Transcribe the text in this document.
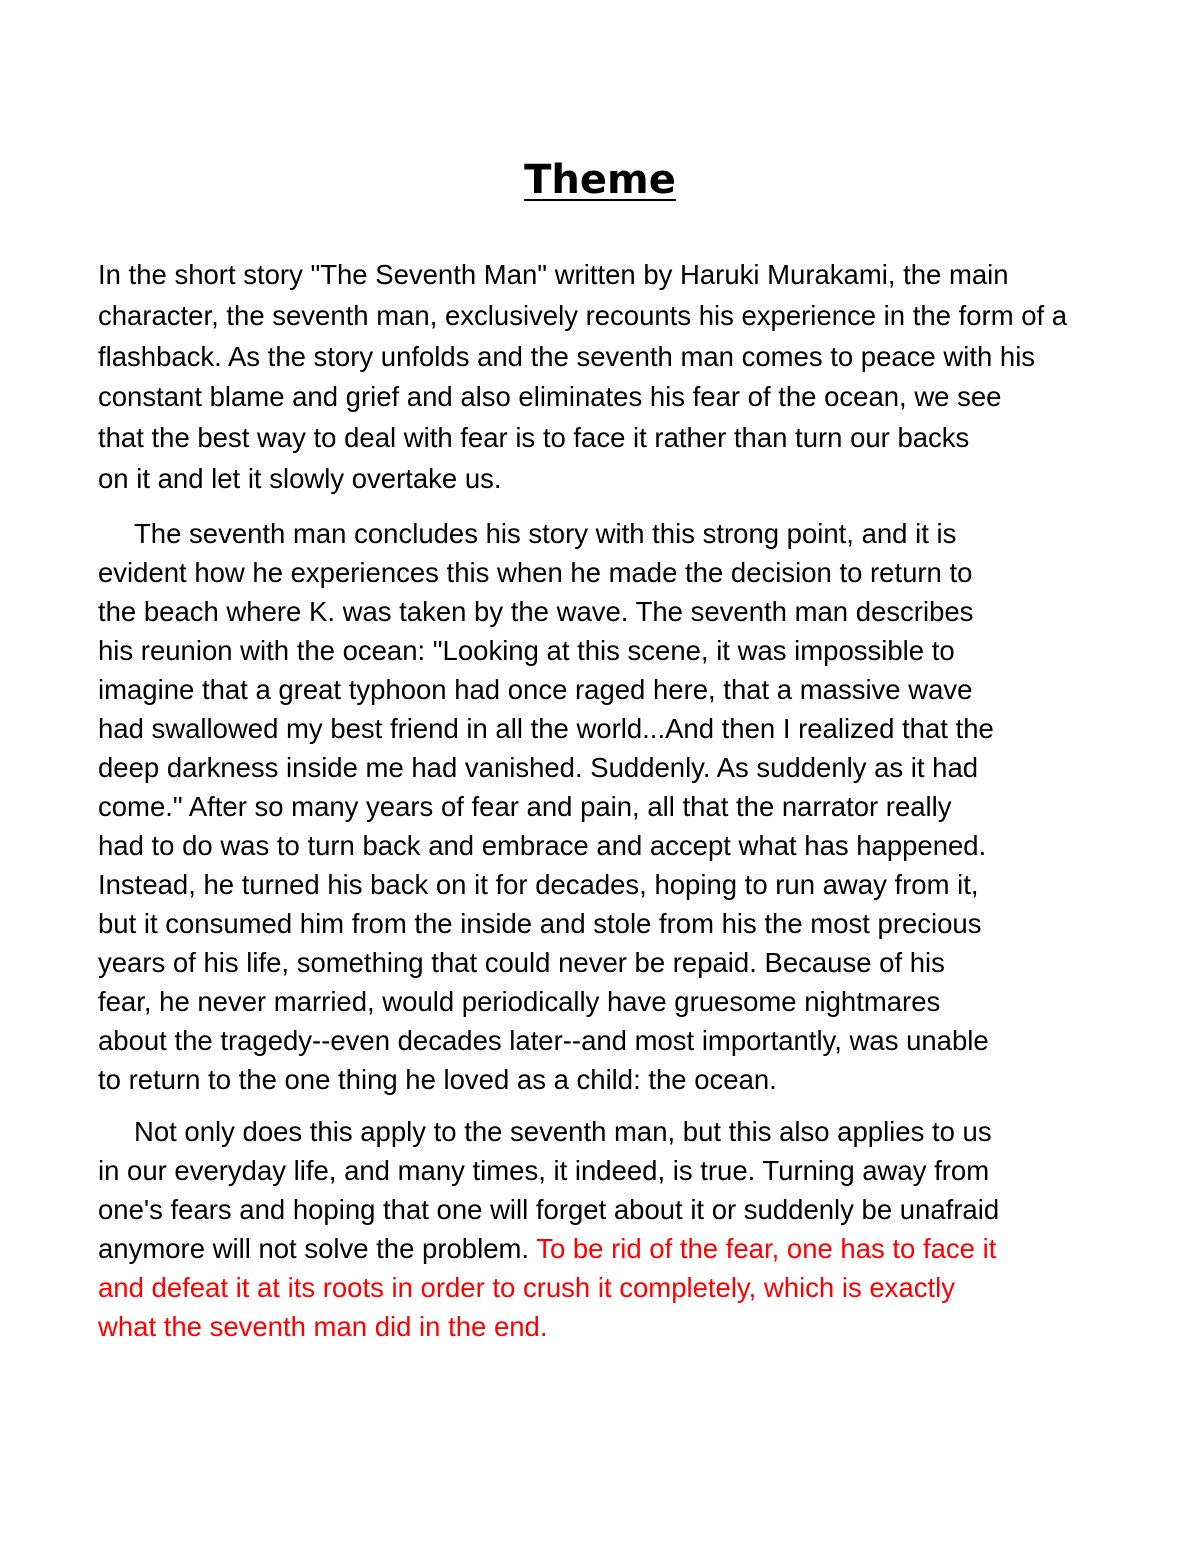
Theme
In the short story "The Seventh Man" written by Haruki Murakami, the main
character, the seventh man, exclusively recounts his experience in the form of a
flashback. As the story unfolds and the seventh man comes to peace with his
constant blame and grief and also eliminates his fear of the ocean, we see
that the best way to deal with fear is to face it rather than turn our backs
on it and let it slowly overtake us.
The seventh man concludes his story with this strong point, and it is
evident how he experiences this when he made the decision to return to
the beach where K. was taken by the wave. The seventh man describes
his reunion with the ocean: "Looking at this scene, it was impossible to
imagine that a great typhoon had once raged here, that a massive wave
had swallowed my best friend in all the world...And then I realized that the
deep darkness inside me had vanished. Suddenly. As suddenly as it had
come." After so many years of fear and pain, all that the narrator really
had to do was to turn back and embrace and accept what has happened.
Instead, he turned his back on it for decades, hoping to run away from it,
but it consumed him from the inside and stole from his the most precious
years of his life, something that could never be repaid. Because of his
fear, he never married, would periodically have gruesome nightmares
about the tragedy--even decades later--and most importantly, was unable
to return to the one thing he loved as a child: the ocean.
Not only does this apply to the seventh man, but this also applies to us
in our everyday life, and many times, it indeed, is true. Turning away from
one's fears and hoping that one will forget about it or suddenly be unafraid
anymore will not solve the problem. To be rid of the fear, one has to face it
and defeat it at its roots in order to crush it completely, which is exactly
what the seventh man did in the end.
